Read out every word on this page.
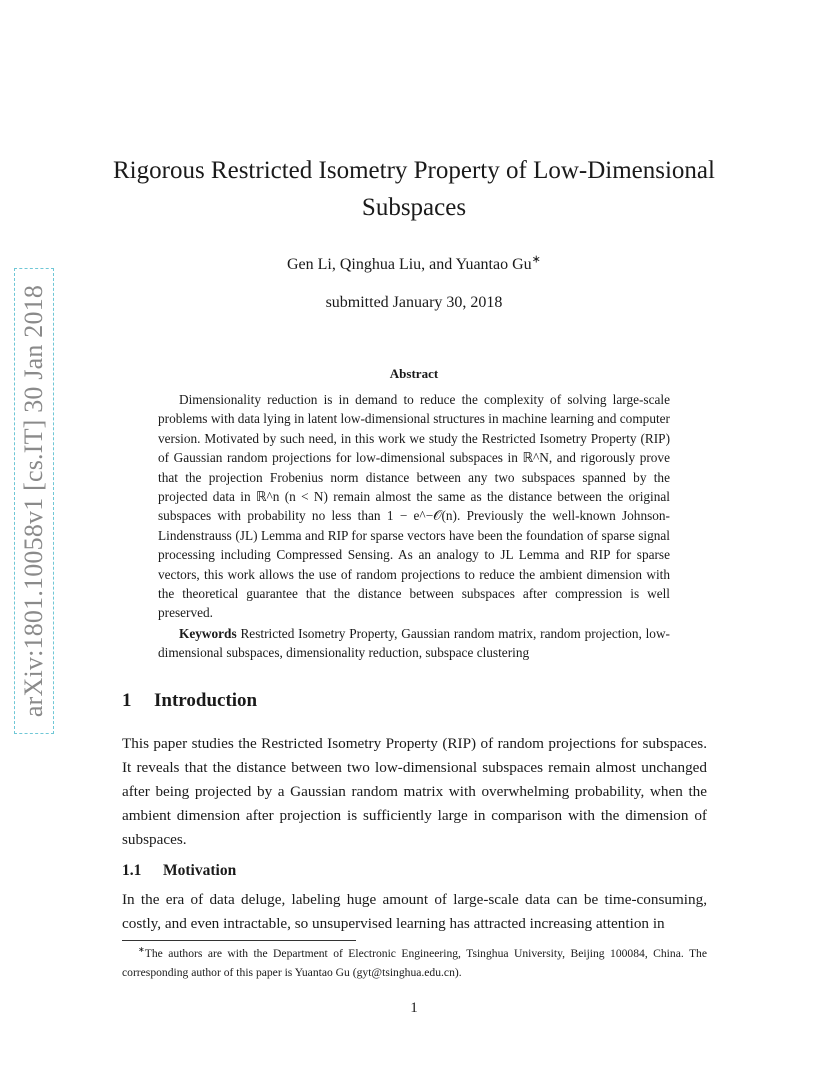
arXiv:1801.10058v1 [cs.IT] 30 Jan 2018
Rigorous Restricted Isometry Property of Low-Dimensional
Subspaces
Gen Li, Qinghua Liu, and Yuantao Gu∗
submitted January 30, 2018
Abstract

Dimensionality reduction is in demand to reduce the complexity of solving large-scale problems with data lying in latent low-dimensional structures in machine learning and computer version. Motivated by such need, in this work we study the Restricted Isometry Property (RIP) of Gaussian random projections for low-dimensional subspaces in ℝ^N, and rigorously prove that the projection Frobenius norm distance between any two subspaces spanned by the projected data in ℝ^n (n < N) remain almost the same as the distance between the original subspaces with probability no less than 1 − e^−𝒪(n). Previously the well-known Johnson-Lindenstrauss (JL) Lemma and RIP for sparse vectors have been the foundation of sparse signal processing including Compressed Sensing. As an analogy to JL Lemma and RIP for sparse vectors, this work allows the use of random projections to reduce the ambient dimension with the theoretical guarantee that the distance between subspaces after compression is well preserved.

Keywords Restricted Isometry Property, Gaussian random matrix, random projection, low-dimensional subspaces, dimensionality reduction, subspace clustering

1 Introduction

This paper studies the Restricted Isometry Property (RIP) of random projections for subspaces. It reveals that the distance between two low-dimensional subspaces remain almost unchanged after being projected by a Gaussian random matrix with overwhelming probability, when the ambient dimension after projection is sufficiently large in comparison with the dimension of subspaces.

1.1 Motivation

In the era of data deluge, labeling huge amount of large-scale data can be time-consuming, costly, and even intractable, so unsupervised learning has attracted increasing attention in

∗The authors are with the Department of Electronic Engineering, Tsinghua University, Beijing 100084, China. The corresponding author of this paper is Yuantao Gu (gyt@tsinghua.edu.cn).

1
